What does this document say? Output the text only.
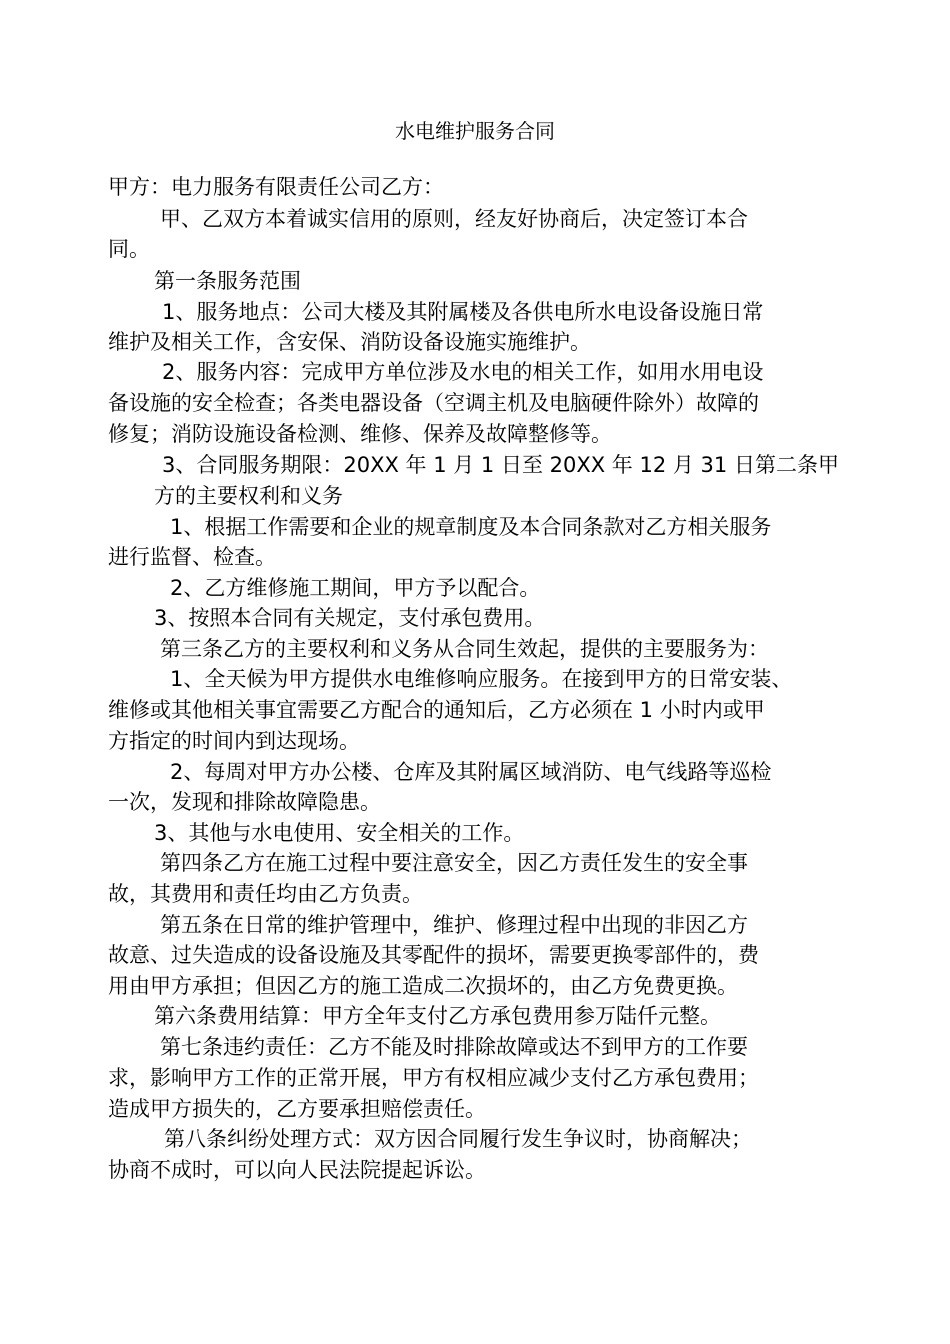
水电维护服务合同
甲方：电力服务有限责任公司乙方：
甲、乙双方本着诚实信用的原则，经友好协商后，决定签订本合
同。
第一条服务范围
1、服务地点：公司大楼及其附属楼及各供电所水电设备设施日常
维护及相关工作，含安保、消防设备设施实施维护。
2、服务内容：完成甲方单位涉及水电的相关工作，如用水用电设
备设施的安全检查；各类电器设备（空调主机及电脑硬件除外）故障的
修复；消防设施设备检测、维修、保养及故障整修等。
3、合同服务期限：20XX 年 1 月 1 日至 20XX 年 12 月 31 日第二条甲
方的主要权利和义务
1、根据工作需要和企业的规章制度及本合同条款对乙方相关服务
进行监督、检查。
2、乙方维修施工期间，甲方予以配合。
3、按照本合同有关规定，支付承包费用。
第三条乙方的主要权利和义务从合同生效起，提供的主要服务为：
1、全天候为甲方提供水电维修响应服务。在接到甲方的日常安装、
维修或其他相关事宜需要乙方配合的通知后，乙方必须在 1 小时内或甲
方指定的时间内到达现场。
2、每周对甲方办公楼、仓库及其附属区域消防、电气线路等巡检
一次，发现和排除故障隐患。
3、其他与水电使用、安全相关的工作。
第四条乙方在施工过程中要注意安全，因乙方责任发生的安全事
故，其费用和责任均由乙方负责。
第五条在日常的维护管理中，维护、修理过程中出现的非因乙方
故意、过失造成的设备设施及其零配件的损坏，需要更换零部件的，费
用由甲方承担；但因乙方的施工造成二次损坏的，由乙方免费更换。
第六条费用结算：甲方全年支付乙方承包费用参万陆仟元整。
第七条违约责任：乙方不能及时排除故障或达不到甲方的工作要
求，影响甲方工作的正常开展，甲方有权相应减少支付乙方承包费用；
造成甲方损失的，乙方要承担赔偿责任。
第八条纠纷处理方式：双方因合同履行发生争议时，协商解决；
协商不成时，可以向人民法院提起诉讼。
